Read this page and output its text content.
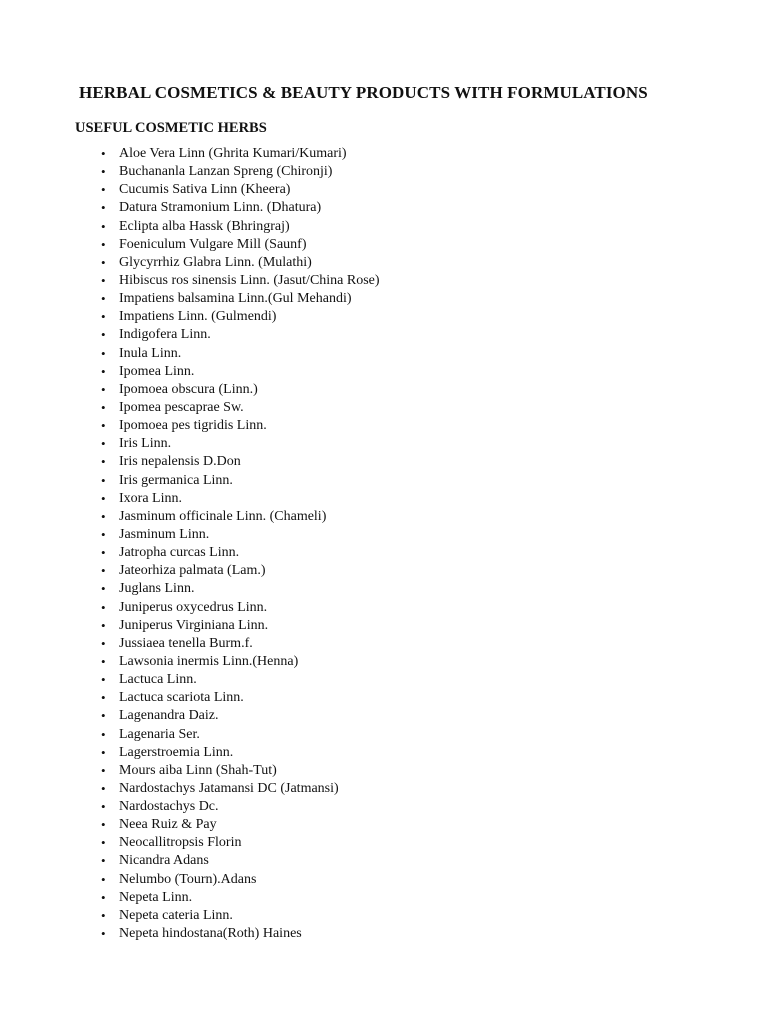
HERBAL COSMETICS & BEAUTY PRODUCTS WITH FORMULATIONS
USEFUL COSMETIC HERBS
• Aloe Vera Linn (Ghrita Kumari/Kumari)
• Buchananla Lanzan Spreng (Chironji)
• Cucumis Sativa Linn (Kheera)
• Datura Stramonium Linn. (Dhatura)
• Eclipta alba Hassk (Bhringraj)
• Foeniculum Vulgare Mill (Saunf)
• Glycyrrhiz Glabra Linn. (Mulathi)
• Hibiscus ros sinensis Linn. (Jasut/China Rose)
• Impatiens balsamina Linn.(Gul Mehandi)
• Impatiens Linn. (Gulmendi)
• Indigofera Linn.
• Inula Linn.
• Ipomea Linn.
• Ipomoea obscura (Linn.)
• Ipomea pescaprae Sw.
• Ipomoea pes tigridis Linn.
• Iris Linn.
• Iris nepalensis D.Don
• Iris germanica Linn.
• Ixora Linn.
• Jasminum officinale Linn. (Chameli)
• Jasminum Linn.
• Jatropha curcas Linn.
• Jateorhiza palmata (Lam.)
• Juglans Linn.
• Juniperus oxycedrus Linn.
• Juniperus Virginiana Linn.
• Jussiaea tenella Burm.f.
• Lawsonia inermis Linn.(Henna)
• Lactuca Linn.
• Lactuca scariota Linn.
• Lagenandra Daiz.
• Lagenaria Ser.
• Lagerstroemia Linn.
• Mours aiba Linn (Shah-Tut)
• Nardostachys Jatamansi DC (Jatmansi)
• Nardostachys Dc.
• Neea Ruiz & Pay
• Neocallitropsis Florin
• Nicandra Adans
• Nelumbo (Tourn).Adans
• Nepeta Linn.
• Nepeta cateria Linn.
• Nepeta hindostana(Roth) Haines
